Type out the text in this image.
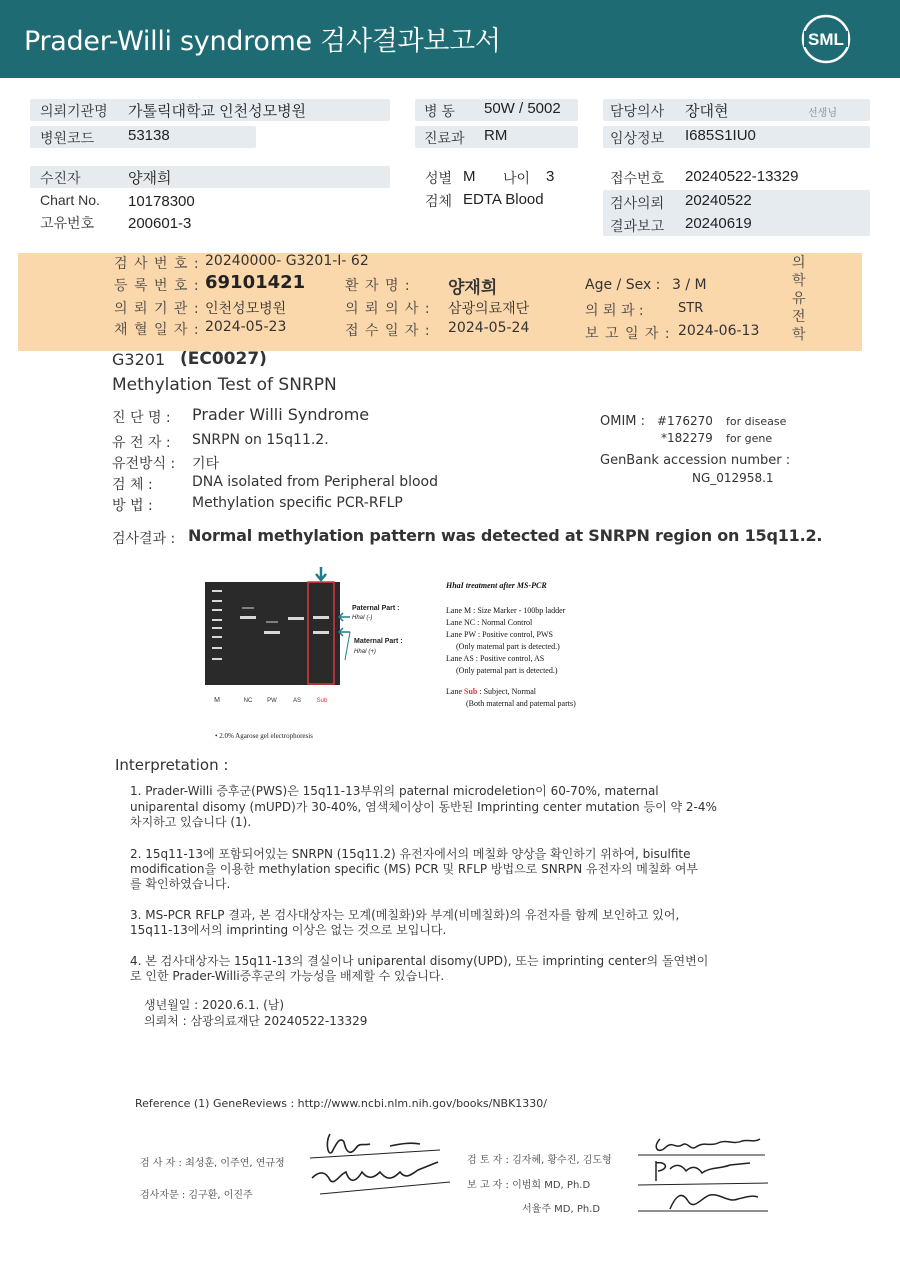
Prader-Willi syndrome 검사결과보고서	SML
의뢰기관명 가톨릭대학교 인천성모병원
병원코드 53138
병 동 50W / 5002
진료과 RM
담당의사 장대현	선생님
임상정보 I685S1IU0
수진자	양재희
Chart No. 10178300
고유번호 200601-3
성별 M 나이 3
검체 EDTA Blood
접수번호 20240522-13329
검사의뢰 20240522
결과보고 20240619
검 사 번 호 : 20240000- G3201-I- 62
등 록 번 호 : 69101421	환 자 명 : 양재희	Age / Sex : 3 / M
의 뢰 기 관 : 인천성모병원	의 뢰 의 사 : 삼광의료재단	의 뢰 과 :	STR
채 혈 일 자 : 2024-05-23	접 수 일 자 : 2024-05-24	보 고 일 자 : 2024-06-13
의
학
유
전
학
G3201 (EC0027)
Methylation Test of SNRPN
진 단 명 : Prader Willi Syndrome
유 전 자 : SNRPN on 15q11.2.
유전방식 : 기타
검 체 :	DNA isolated from Peripheral blood
방 법 :	Methylation specific PCR-RFLP
OMIM : #176270 for disease
*182279 for gene
GenBank accession number :
NG_012958.1
검사결과 : Normal methylation pattern was detected at SNRPN region on 15q11.2.
Paternal Part :
HhaI (-)
Maternal Part :
HhaI (+)
M	NC PW	AS	Sub
• 2.0% Agarose gel electrophoresis
HhaI treatment after MS-PCR
Lane M : Size Marker - 100bp ladder
Lane NC : Normal Control
Lane PW : Positive control, PWS
(Only maternal part is detected.)
Lane AS : Positive control, AS
(Only paternal part is detected.)
Lane Sub : Subject, Normal
(Both maternal and paternal parts)
Interpretation :
1. Prader-Willi 증후군(PWS)은 15q11-13부위의 paternal microdeletion이 60-70%, maternal
uniparental disomy (mUPD)가 30-40%, 염색체이상이 동반된 Imprinting center mutation 등이 약 2-4%
차지하고 있습니다 (1).
2. 15q11-13에 포함되어있는 SNRPN (15q11.2) 유전자에서의 메칠화 양상을 확인하기 위하여, bisulfite
modification을 이용한 methylation specific (MS) PCR 및 RFLP 방법으로 SNRPN 유전자의 메칠화 여부
를 확인하였습니다.
3. MS-PCR RFLP 결과, 본 검사대상자는 모계(메칠화)와 부계(비메칠화)의 유전자를 함께 보인하고 있어,
15q11-13에서의 imprinting 이상은 없는 것으로 보입니다.
4. 본 검사대상자는 15q11-13의 결실이나 uniparental disomy(UPD), 또는 imprinting center의 돌연변이
로 인한 Prader-Willi증후군의 가능성을 배제할 수 있습니다.
생년월일 : 2020.6.1. (남)
의뢰처 : 삼광의료재단 20240522-13329
Reference (1) GeneReviews : http://www.ncbi.nlm.nih.gov/books/NBK1330/
검 사 자 : 최성훈, 이주연, 연규정
검사자문 : 김구환, 이진주
검 토 자 : 김자혜, 황수진, 김도형
보 고 자 : 이범희 MD, Ph.D
서율주 MD, Ph.D
